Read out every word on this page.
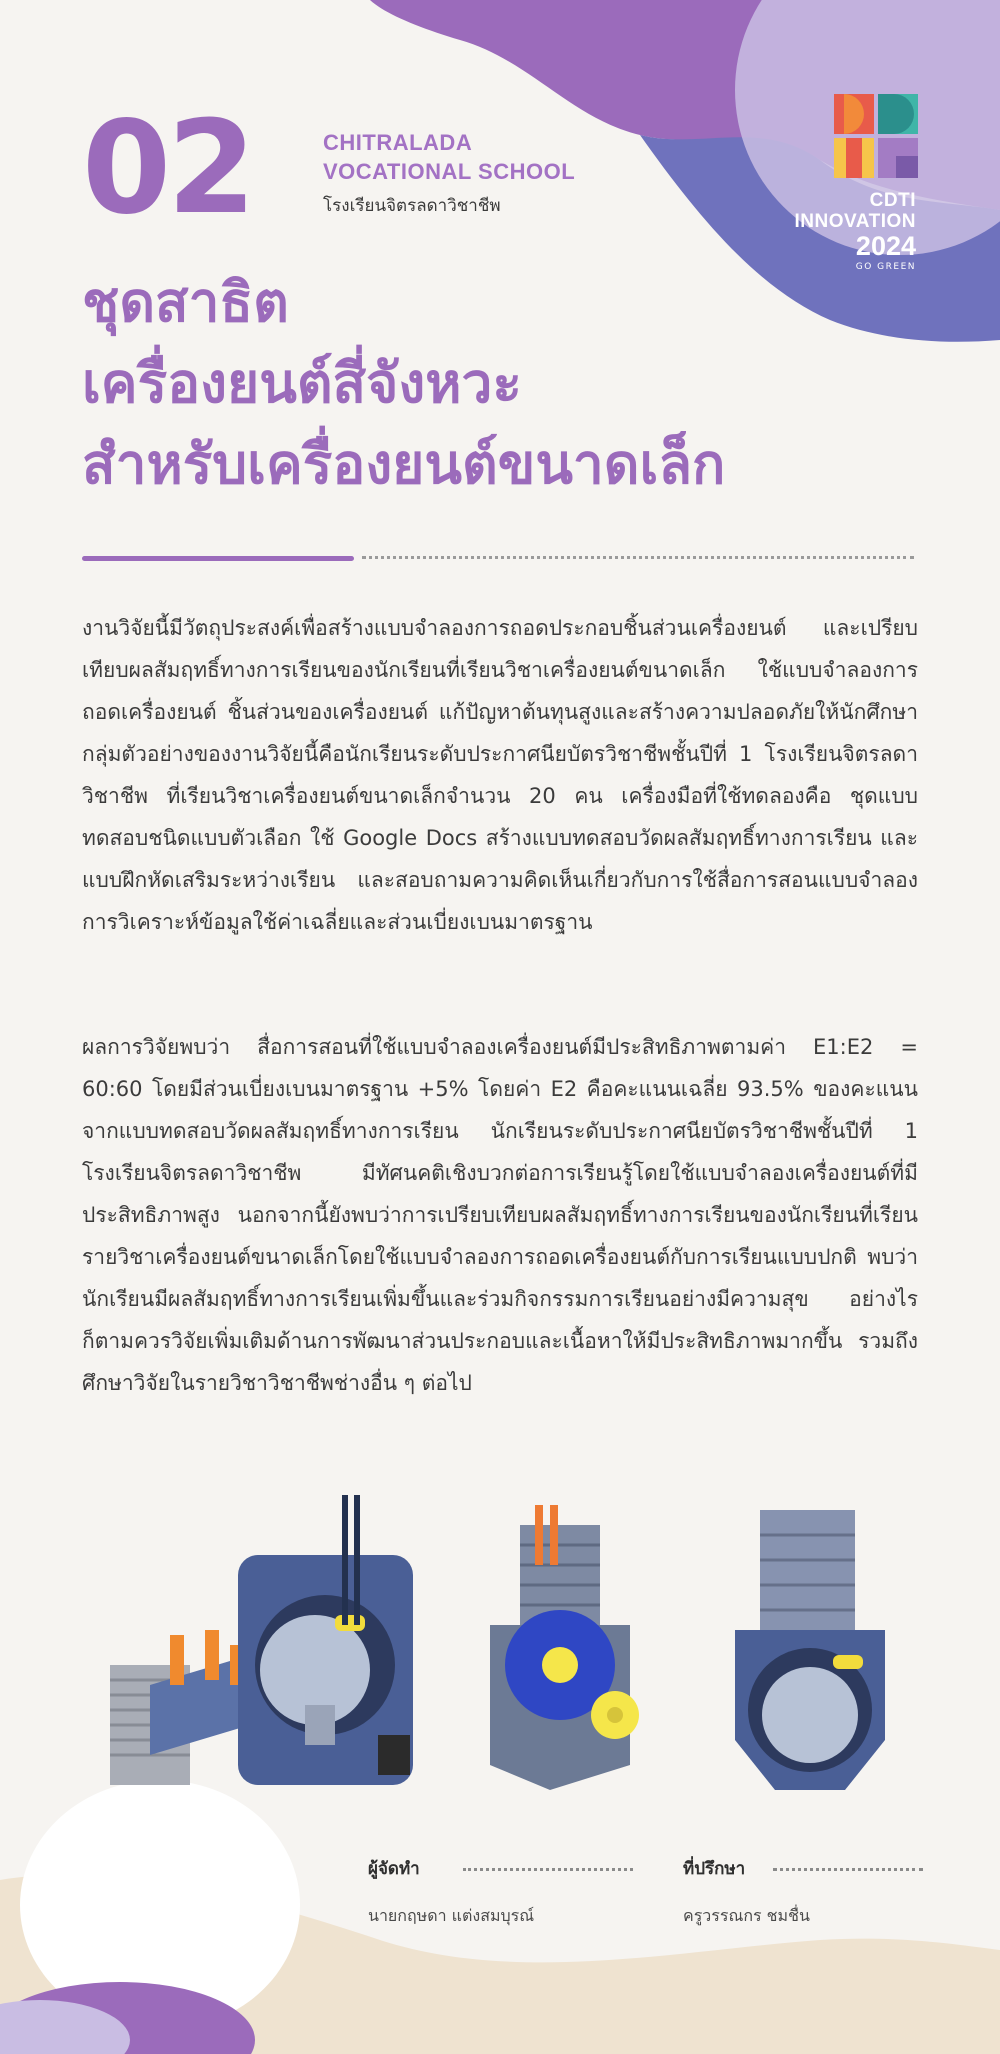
02	CHITRALADA
VOCATIONAL SCHOOL
โรงเรียนจิตรลดาวิชาชีพ	CDTI
INNOVATION
2024
GO GREEN
ชุดสาธิต
เครื่องยนต์สี่จังหวะ
สำหรับเครื่องยนต์ขนาดเล็ก

งานวิจัยนี้มีวัตถุประสงค์เพื่อสร้างแบบจำลองการถอดประกอบชิ้นส่วนเครื่องยนต์ และเปรียบเทียบผลสัมฤทธิ์ทางการเรียนของนักเรียนที่เรียนวิชาเครื่องยนต์ขนาดเล็ก ใช้แบบจำลองการถอดเครื่องยนต์ ชิ้นส่วนของเครื่องยนต์ แก้ปัญหาต้นทุนสูงและสร้างความปลอดภัยให้นักศึกษา กลุ่มตัวอย่างของงานวิจัยนี้คือนักเรียนระดับประกาศนียบัตรวิชาชีพชั้นปีที่ 1 โรงเรียนจิตรลดาวิชาชีพ ที่เรียนวิชาเครื่องยนต์ขนาดเล็กจำนวน 20 คน เครื่องมือที่ใช้ทดลองคือ ชุดแบบทดสอบชนิดแบบตัวเลือก ใช้ Google Docs สร้างแบบทดสอบวัดผลสัมฤทธิ์ทางการเรียน และแบบฝึกหัดเสริมระหว่างเรียน และสอบถามความคิดเห็นเกี่ยวกับการใช้สื่อการสอนแบบจำลอง การวิเคราะห์ข้อมูลใช้ค่าเฉลี่ยและส่วนเบี่ยงเบนมาตรฐาน

ผลการวิจัยพบว่า สื่อการสอนที่ใช้แบบจำลองเครื่องยนต์มีประสิทธิภาพตามค่า E1:E2 = 60:60 โดยมีส่วนเบี่ยงเบนมาตรฐาน +5% โดยค่า E2 คือคะแนนเฉลี่ย 93.5% ของคะแนนจากแบบทดสอบวัดผลสัมฤทธิ์ทางการเรียน นักเรียนระดับประกาศนียบัตรวิชาชีพชั้นปีที่ 1 โรงเรียนจิตรลดาวิชาชีพ มีทัศนคติเชิงบวกต่อการเรียนรู้โดยใช้แบบจำลองเครื่องยนต์ที่มีประสิทธิภาพสูง นอกจากนี้ยังพบว่าการเปรียบเทียบผลสัมฤทธิ์ทางการเรียนของนักเรียนที่เรียนรายวิชาเครื่องยนต์ขนาดเล็กโดยใช้แบบจำลองการถอดเครื่องยนต์กับการเรียนแบบปกติ พบว่านักเรียนมีผลสัมฤทธิ์ทางการเรียนเพิ่มขึ้นและร่วมกิจกรรมการเรียนอย่างมีความสุข อย่างไรก็ตามควรวิจัยเพิ่มเติมด้านการพัฒนาส่วนประกอบและเนื้อหาให้มีประสิทธิภาพมากขึ้น รวมถึงศึกษาวิจัยในรายวิชาวิชาชีพช่างอื่น ๆ ต่อไป

ผู้จัดทำ
นายกฤษดา แต่งสมบุรณ์
ที่ปรึกษา
ครูวรรณกร ชมชื่น
